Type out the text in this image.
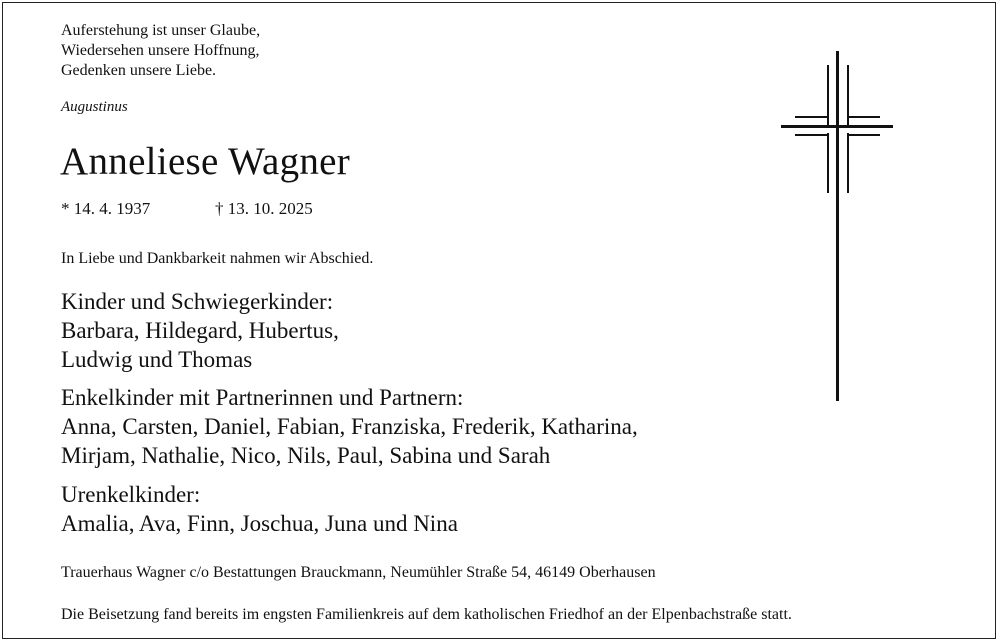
Auferstehung ist unser Glaube,
Wiedersehen unsere Hoffnung,
Gedenken unsere Liebe.
Augustinus
Anneliese Wagner
* 14. 4. 1937	† 13. 10. 2025
In Liebe und Dankbarkeit nahmen wir Abschied.
Kinder und Schwiegerkinder:
Barbara, Hildegard, Hubertus,
Ludwig und Thomas
Enkelkinder mit Partnerinnen und Partnern:
Anna, Carsten, Daniel, Fabian, Franziska, Frederik, Katharina,
Mirjam, Nathalie, Nico, Nils, Paul, Sabina und Sarah
Urenkelkinder:
Amalia, Ava, Finn, Joschua, Juna und Nina
Trauerhaus Wagner c/o Bestattungen Brauckmann, Neumühler Straße 54, 46149 Oberhausen
Die Beisetzung fand bereits im engsten Familienkreis auf dem katholischen Friedhof an der Elpenbachstraße statt.
